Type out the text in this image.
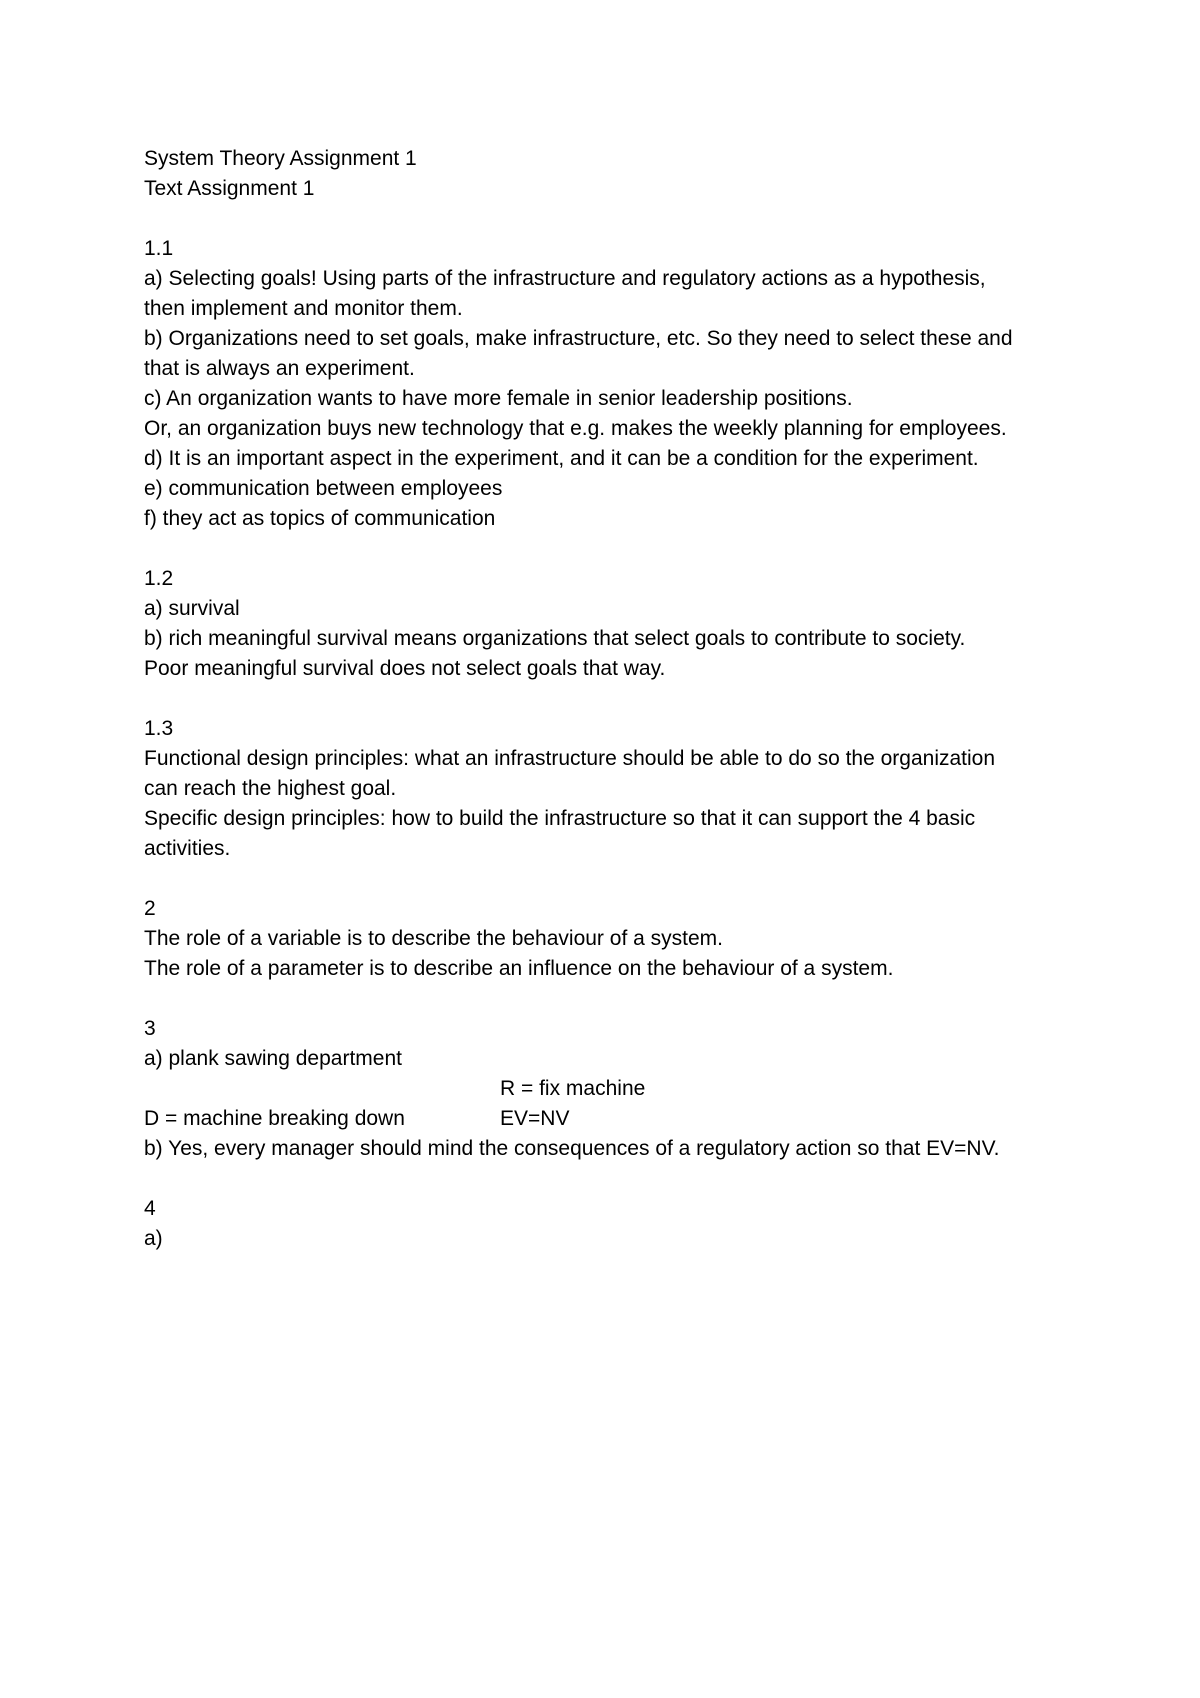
System Theory Assignment 1

Text Assignment 1

1.1

a) Selecting goals! Using parts of the infrastructure and regulatory actions as a hypothesis,

then implement and monitor them.

b) Organizations need to set goals, make infrastructure, etc. So they need to select these and

that is always an experiment.

c) An organization wants to have more female in senior leadership positions.

Or, an organization buys new technology that e.g. makes the weekly planning for employees.

d) It is an important aspect in the experiment, and it can be a condition for the experiment.

e) communication between employees

f) they act as topics of communication

1.2

a) survival

b) rich meaningful survival means organizations that select goals to contribute to society.

Poor meaningful survival does not select goals that way.

1.3

Functional design principles: what an infrastructure should be able to do so the organization

can reach the highest goal.

Specific design principles: how to build the infrastructure so that it can support the 4 basic

activities.

2

The role of a variable is to describe the behaviour of a system.

The role of a parameter is to describe an influence on the behaviour of a system.

3

a) plank sawing department

R = fix machine
D = machine breaking down	EV=NV

b) Yes, every manager should mind the consequences of a regulatory action so that EV=NV.

4

a)
